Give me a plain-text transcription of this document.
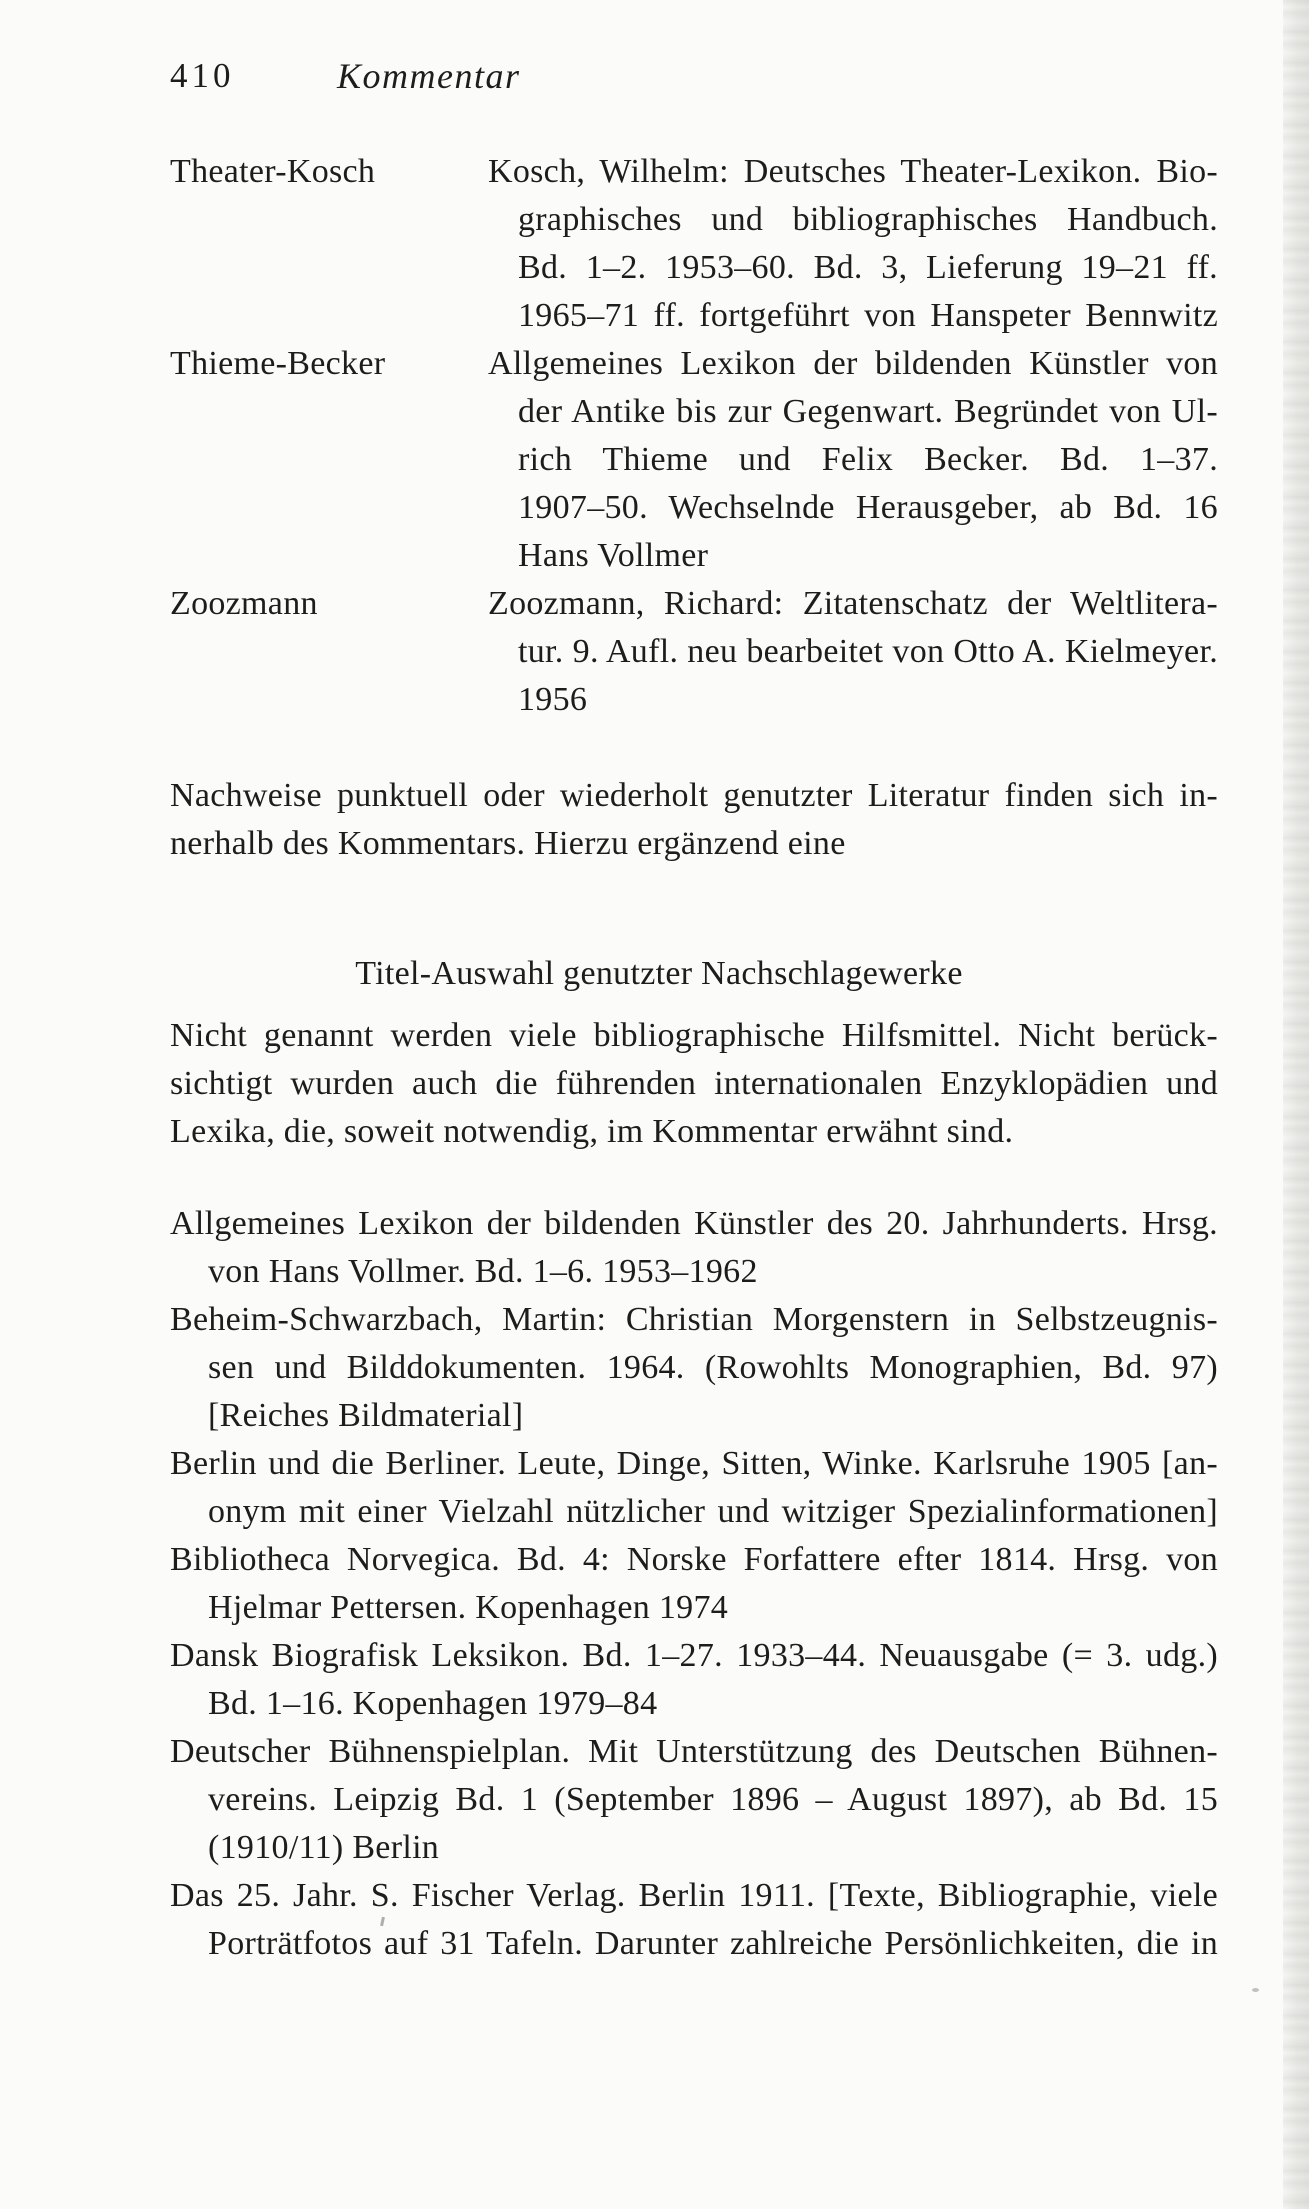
410	Kommentar
Theater-Kosch	Kosch, Wilhelm: Deutsches Theater-Lexikon. Bio-
graphisches und bibliographisches Handbuch.
Bd. 1–2. 1953–60. Bd. 3, Lieferung 19–21 ff.
1965–71 ff. fortgeführt von Hanspeter Bennwitz
Thieme-Becker	Allgemeines Lexikon der bildenden Künstler von
der Antike bis zur Gegenwart. Begründet von Ul-
rich Thieme und Felix Becker. Bd. 1–37.
1907–50. Wechselnde Herausgeber, ab Bd. 16
Hans Vollmer
Zoozmann	Zoozmann, Richard: Zitatenschatz der Weltlitera-
tur. 9. Aufl. neu bearbeitet von Otto A. Kielmeyer.
1956
Nachweise punktuell oder wiederholt genutzter Literatur finden sich in-
nerhalb des Kommentars. Hierzu ergänzend eine
Titel-Auswahl genutzter Nachschlagewerke
Nicht genannt werden viele bibliographische Hilfsmittel. Nicht berück-
sichtigt wurden auch die führenden internationalen Enzyklopädien und
Lexika, die, soweit notwendig, im Kommentar erwähnt sind.
Allgemeines Lexikon der bildenden Künstler des 20. Jahrhunderts. Hrsg.
von Hans Vollmer. Bd. 1–6. 1953–1962
Beheim-Schwarzbach, Martin: Christian Morgenstern in Selbstzeugnis-
sen und Bilddokumenten. 1964. (Rowohlts Monographien, Bd. 97)
[Reiches Bildmaterial]
Berlin und die Berliner. Leute, Dinge, Sitten, Winke. Karlsruhe 1905 [an-
onym mit einer Vielzahl nützlicher und witziger Spezialinformationen]
Bibliotheca Norvegica. Bd. 4: Norske Forfattere efter 1814. Hrsg. von
Hjelmar Pettersen. Kopenhagen 1974
Dansk Biografisk Leksikon. Bd. 1–27. 1933–44. Neuausgabe (= 3. udg.)
Bd. 1–16. Kopenhagen 1979–84
Deutscher Bühnenspielplan. Mit Unterstützung des Deutschen Bühnen-
vereins. Leipzig Bd. 1 (September 1896 – August 1897), ab Bd. 15
(1910/11) Berlin
Das 25. Jahr. S. Fischer Verlag. Berlin 1911. [Texte, Bibliographie, viele
Porträtfotos auf 31 Tafeln. Darunter zahlreiche Persönlichkeiten, die in
